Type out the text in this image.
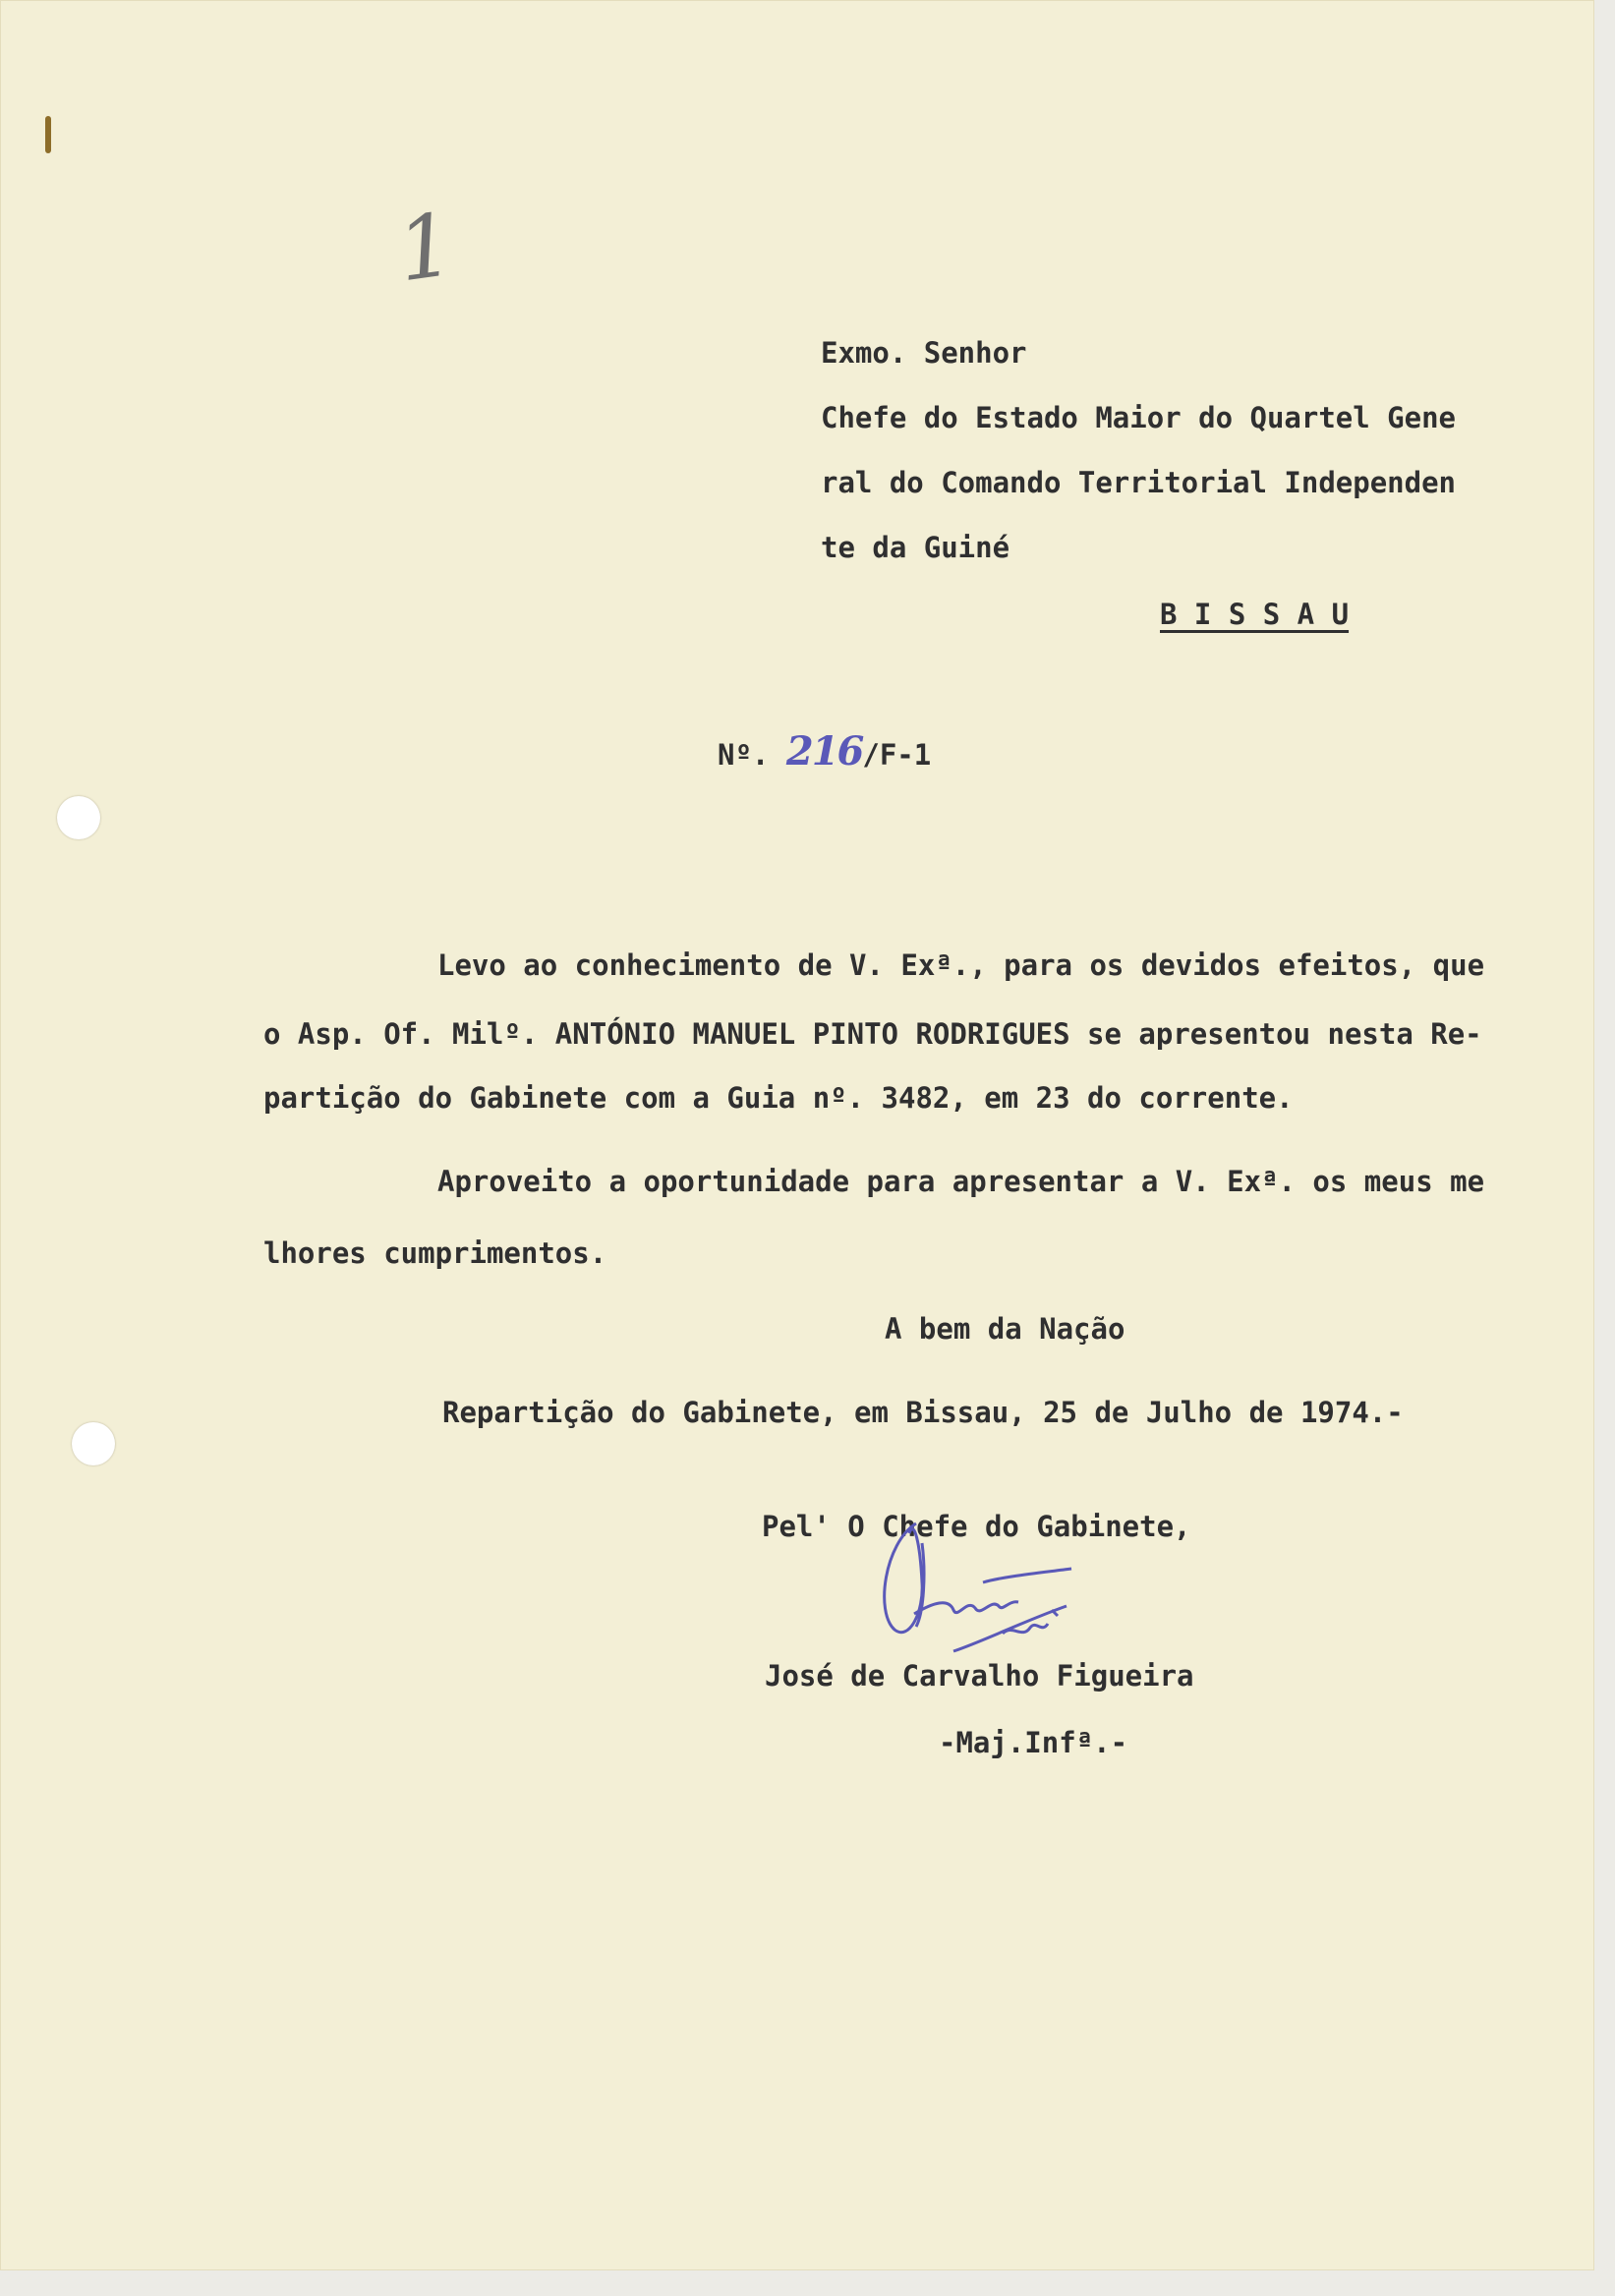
1
Exmo. Senhor
Chefe do Estado Maior do Quartel Gene
ral do Comando Territorial Independen
te da Guiné
B I S S A U
Nº. 216/F-1
Levo ao conhecimento de V. Exª., para os devidos efeitos, que
o Asp. Of. Milº. ANTÓNIO MANUEL PINTO RODRIGUES se apresentou nesta Re-
partição do Gabinete com a Guia nº. 3482, em 23 do corrente.
Aproveito a oportunidade para apresentar a V. Exª. os meus me
lhores cumprimentos.
A bem da Nação
Repartição do Gabinete, em Bissau, 25 de Julho de 1974.-
Pel' O Chefe do Gabinete,
José de Carvalho Figueira
-Maj.Infª.-
